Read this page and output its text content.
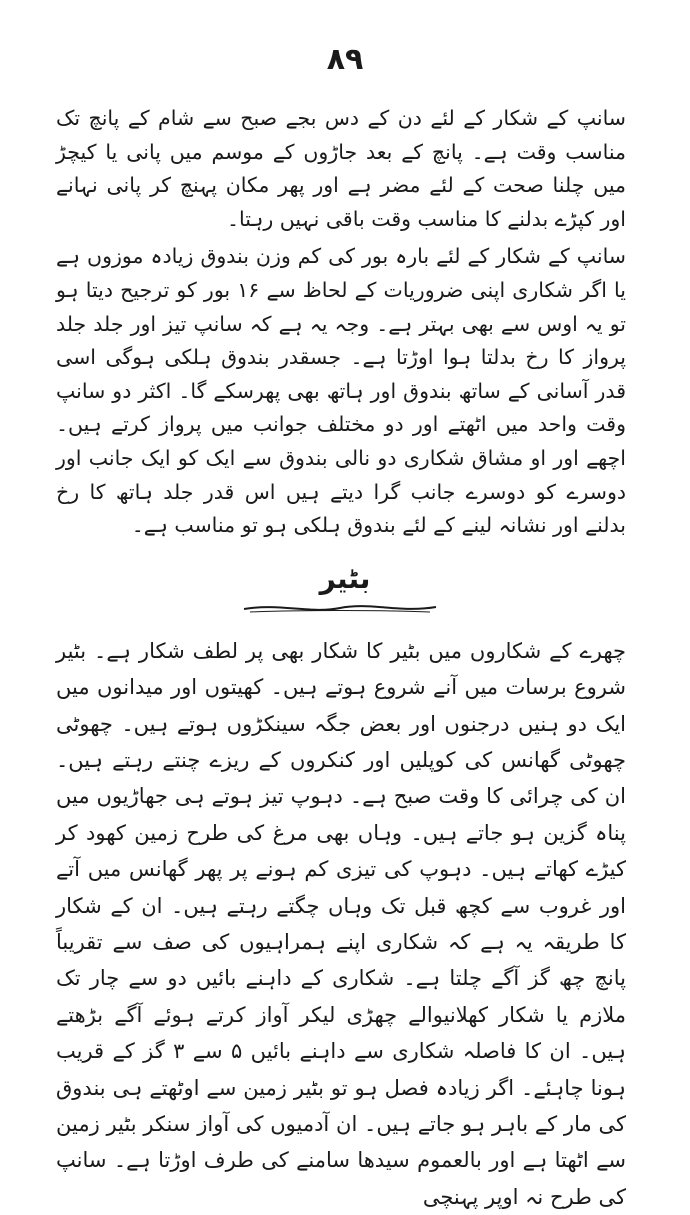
۸۹

سانپ کے شکار کے لئے دن کے دس بجے صبح سے شام کے پانچ تک مناسب وقت ہے۔ پانچ کے بعد جاڑوں کے موسم میں پانی یا کیچڑ میں چلنا صحت کے لئے مضر ہے اور پھر مکان پہنچ کر پانی نہانے اور کپڑے بدلنے کا مناسب وقت باقی نہیں رہتا۔

سانپ کے شکار کے لئے بارہ بور کی کم وزن بندوق زیادہ موزوں ہے یا اگر شکاری اپنی ضروریات کے لحاظ سے ۱۶ بور کو ترجیح دیتا ہو تو یہ اوس سے بھی بہتر ہے۔ وجہ یہ ہے کہ سانپ تیز اور جلد جلد پرواز کا رخ بدلتا ہوا اوڑتا ہے۔ جسقدر بندوق ہلکی ہوگی اسی قدر آسانی کے ساتھ بندوق اور ہاتھ بھی پھرسکے گا۔ اکثر دو سانپ وقت واحد میں اٹھتے اور دو مختلف جوانب میں پرواز کرتے ہیں۔ اچھے اور او مشاق شکاری دو نالی بندوق سے ایک کو ایک جانب اور دوسرے کو دوسرے جانب گرا دیتے ہیں اس قدر جلد ہاتھ کا رخ بدلنے اور نشانہ لینے کے لئے بندوق ہلکی ہو تو مناسب ہے۔

بٹیر

چھرے کے شکاروں میں بٹیر کا شکار بھی پر لطف شکار ہے۔ بٹیر شروع برسات میں آنے شروع ہوتے ہیں۔ کھیتوں اور میدانوں میں ایک دو ہنیں درجنوں اور بعض جگہ سینکڑوں ہوتے ہیں۔ چھوٹی چھوٹی گھانس کی کوپلیں اور کنکروں کے ریزے چنتے رہتے ہیں۔ ان کی چرائی کا وقت صبح ہے۔ دہوپ تیز ہوتے ہی جھاڑیوں میں پناہ گزین ہو جاتے ہیں۔ وہاں بھی مرغ کی طرح زمین کھود کر کیڑے کھاتے ہیں۔ دہوپ کی تیزی کم ہونے پر پھر گھانس میں آتے اور غروب سے کچھ قبل تک وہاں چگتے رہتے ہیں۔ ان کے شکار کا طریقہ یہ ہے کہ شکاری اپنے ہمراہیوں کی صف سے تقریباً پانچ چھ گز آگے چلتا ہے۔ شکاری کے داہنے بائیں دو سے چار تک ملازم یا شکار کھلانیوالے چھڑی لیکر آواز کرتے ہوئے آگے بڑھتے ہیں۔ ان کا فاصلہ شکاری سے داہنے بائیں ۵ سے ۳ گز کے قریب ہونا چاہئے۔ اگر زیادہ فصل ہو تو بٹیر زمین سے اوٹھتے ہی بندوق کی مار کے باہر ہو جاتے ہیں۔ ان آدمیوں کی آواز سنکر بٹیر زمین سے اٹھتا ہے اور بالعموم سیدھا سامنے کی طرف اوڑتا ہے۔ سانپ کی طرح نہ اوپر پہنچی
